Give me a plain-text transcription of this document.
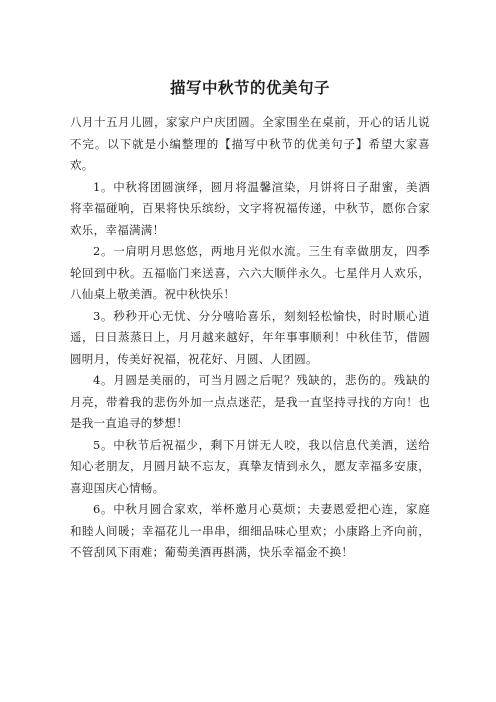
描写中秋节的优美句子

八月十五月儿圆，家家户户庆团圆。全家围坐在桌前，开心的话儿说不完。以下就是小编整理的【描写中秋节的优美句子】希望大家喜欢。

1。中秋将团圆演绎，圆月将温馨渲染，月饼将日子甜蜜，美酒将幸福碰响，百果将快乐缤纷，文字将祝福传递，中秋节，愿你合家欢乐，幸福满满！

2。一肩明月思悠悠，两地月光似水流。三生有幸做朋友，四季轮回到中秋。五福临门来送喜，六六大顺伴永久。七星伴月人欢乐，八仙桌上敬美酒。祝中秋快乐！

3。秒秒开心无忧、分分嘻哈喜乐，刻刻轻松愉快，时时顺心逍遥，日日蒸蒸日上，月月越来越好，年年事事顺利！中秋佳节，借圆圆明月，传美好祝福，祝花好、月圆、人团圆。

4。月圆是美丽的，可当月圆之后呢？残缺的，悲伤的。残缺的月亮，带着我的悲伤外加一点点迷茫，是我一直坚持寻找的方向！也是我一直追寻的梦想！

5。中秋节后祝福少，剩下月饼无人咬，我以信息代美酒，送给知心老朋友，月圆月缺不忘友，真挚友情到永久，愿友幸福多安康，喜迎国庆心情畅。

6。中秋月圆合家欢，举杯邀月心莫烦；夫妻恩爱把心连，家庭和睦人间暖；幸福花儿一串串，细细品味心里欢；小康路上齐向前，不管刮风下雨难；葡萄美酒再斟满，快乐幸福金不换！
